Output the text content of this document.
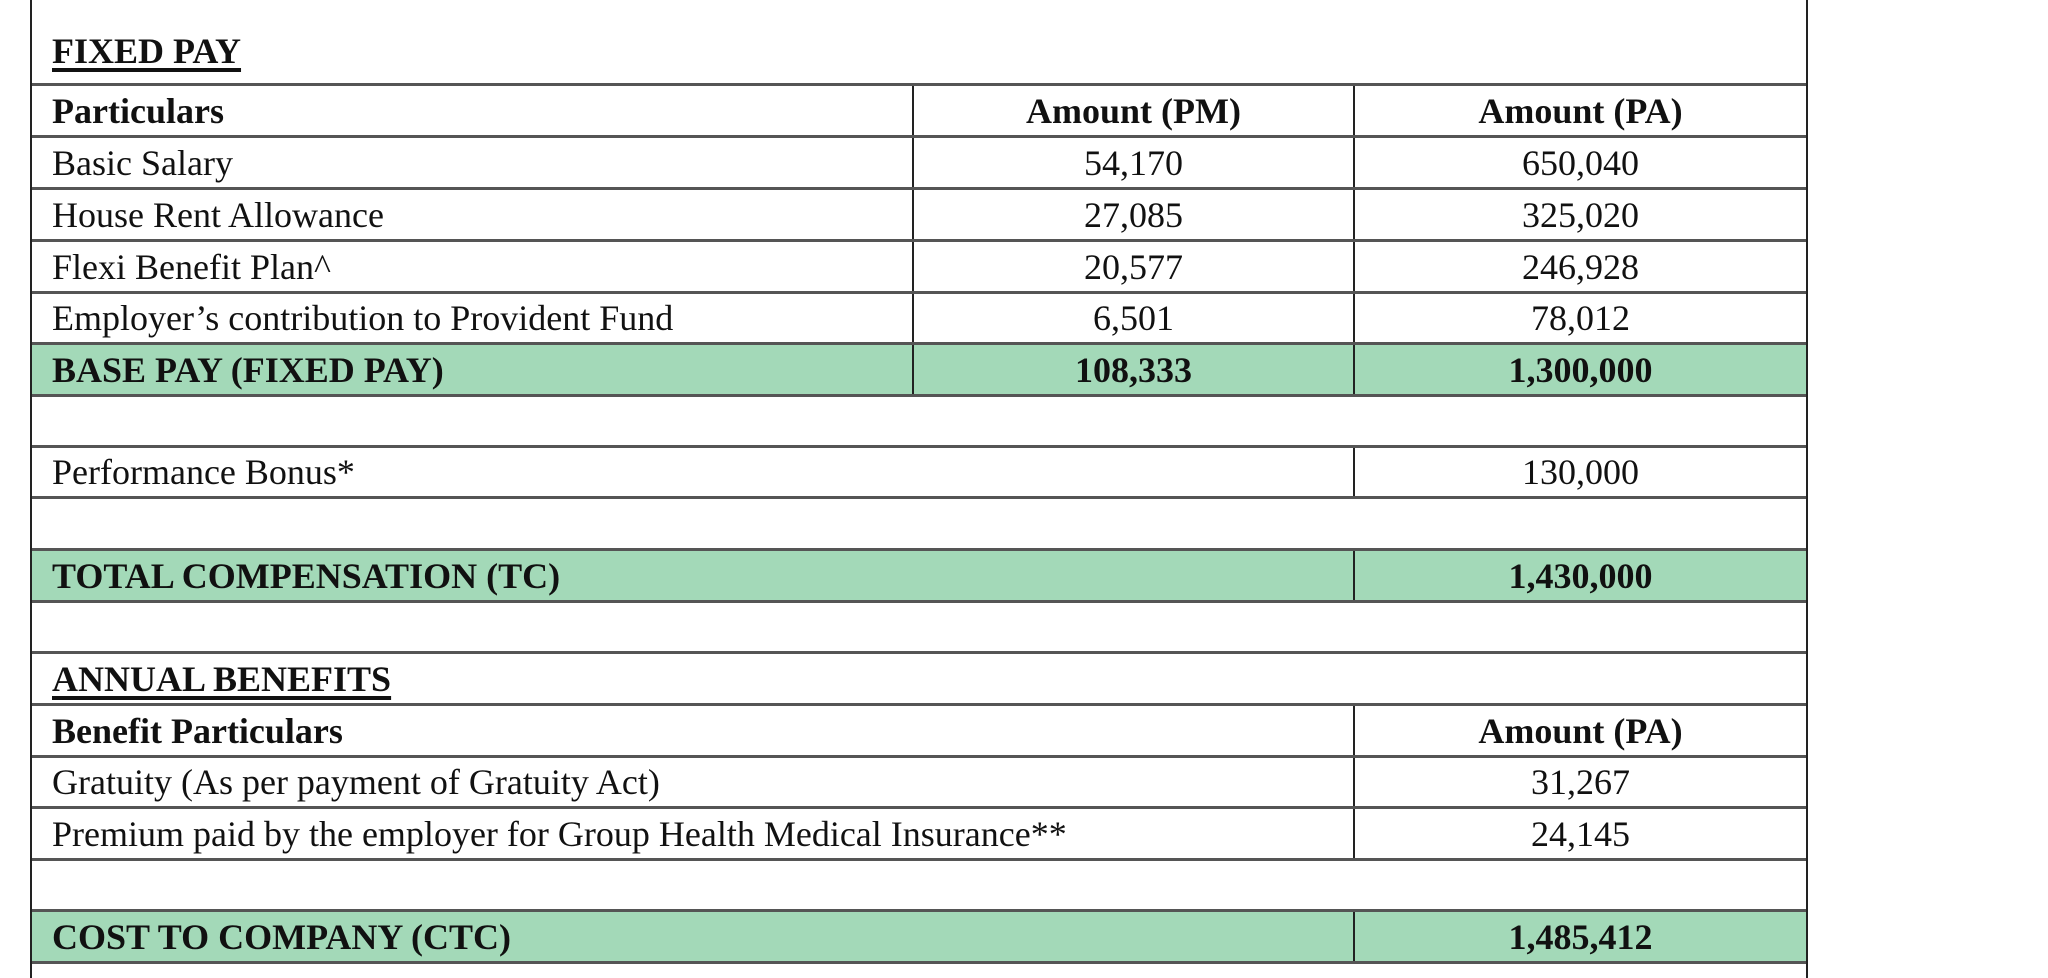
FIXED PAY
Particulars	Amount (PM)	Amount (PA)
Basic Salary	54,170	650,040
House Rent Allowance	27,085	325,020
Flexi Benefit Plan^	20,577	246,928
Employer’s contribution to Provident Fund	6,501	78,012
BASE PAY (FIXED PAY)	108,333	1,300,000
Performance Bonus*	130,000
TOTAL COMPENSATION (TC)	1,430,000
ANNUAL BENEFITS
Benefit Particulars	Amount (PA)
Gratuity (As per payment of Gratuity Act)	31,267
Premium paid by the employer for Group Health Medical Insurance**	24,145
COST TO COMPANY (CTC)	1,485,412
